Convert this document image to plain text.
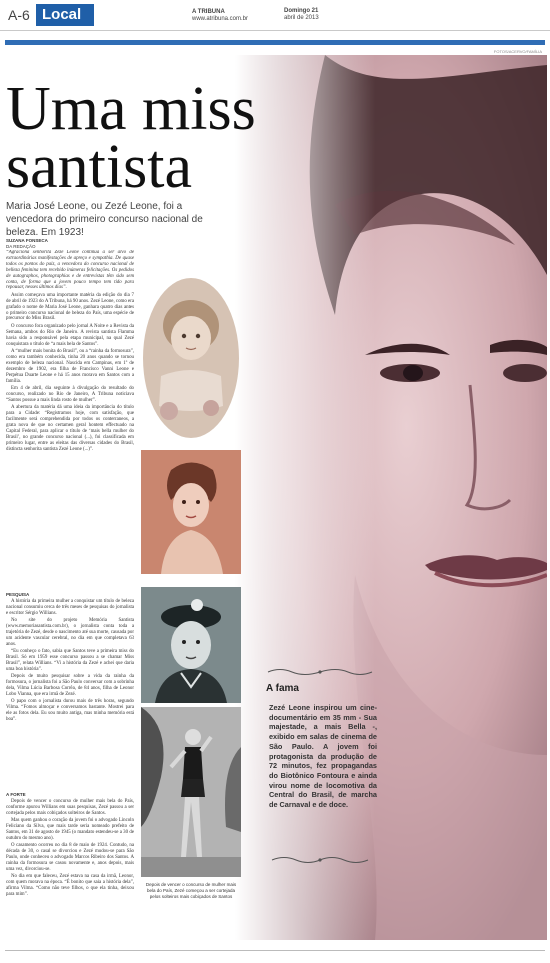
A-6 Local	A TRIBUNA
www.atribuna.com.br
Domingo 21
abril de 2013
FOTOS/ACERVO/FAMÍLIA
Uma miss
santista

Maria José Leone, ou Zezé Leone, foi a vencedora do primeiro concurso nacional de beleza. Em 1923!

SUZANA FONSECA
DA REDAÇÃO

“Agraciona senhorita Zezé Leone continua a ser alvo de extraordinárias manifestações de apreço e sympathia. De quase todos os pontos do paiz, a vencedora do concurso nacional de belleza feminina tem recebido inúmeras felicitações. Os pedidos de autographos, photographias e de entrevistas têm sido sem conta, de forma que a jovem pouco tempo tem tido para repousar, nesses últimos dias”.

Assim começava uma importante matéria da edição do dia 7 de abril de 1923 do A Tribuna, há 90 anos. Zezé Leone, como era grafado o nome de Maria José Leone, ganhara quatro dias antes o primeiro concurso nacional de beleza do País, uma espécie de precursor do Miss Brasil.

O concurso fora organizado pelo jornal A Noite e a Revista da Semana, ambos do Rio de Janeiro. A revista santista Flamma havia sido a responsável pela etapa municipal, na qual Zezé conquistara o título de “a mais bela de Santos”.

A “mulher mais bonita do Brasil”, ou a “rainha da formosura”, como era também conhecida, tinha 20 anos quando se tornou exemplo de beleza nacional. Nascida em Campinas, em 1º de dezembro de 1902, era filha de Francisco Vanni Leone e Perpétua Duarte Leone e há 15 anos morava em Santos com a família.

Em 4 de abril, dia seguinte à divulgação do resultado do concurso, realizado no Rio de Janeiro, A Tribuna noticiava “Santos possue a mais linda rosto de mulher”.

A abertura da matéria dá uma ideia da importância do título para a Cidade: “Registramos hoje, com satisfação, que facilmente será comprehendida por todos os conterraneos, a grata nova de que no certamen geral hontem effectuado na Capital Federal, para aplicar o título de ‘mais bella mulher do Brasil’, no grande concurso nacional (...), foi classificada em primeiro lugar, entre as eleitas das diversas cidades do Brasil, distincta senhorita santista Zezé Leone (...)”.

PESQUISA

A história da primeira mulher a conquistar um título de beleza nacional consumiu cerca de três meses de pesquisas do jornalista e escritor Sérgio Willians.

No site do projeto Memória Santista (www.memoriasantista.com.br), o jornalista conta toda a trajetória de Zezé, desde o nascimento até sua morte, causada por um acidente vascular cerebral, no dia em que completava 63 anos.

“Eu conheço o fato, sabia que Santos teve a primeira miss do Brasil. Só em 1959 esse concurso passou a se chamar Miss Brasil”, relata Willians. “Vi a história da Zezé e achei que daria uma boa história”.

Depois de muito pesquisar sobre a vida da rainha da formosura, o jornalista foi a São Paulo conversar com a sobrinha dela, Vilma Lúcia Barbosa Corrêa, de 84 anos, filha de Leonor Lobo Vianna, que era irmã de Zezé.

O papo com o jornalista durou mais de três horas, segundo Vilma. “Fomos almoçar e conversamos bastante. Mostrei para ele as fotos dela. Eu sou muito antiga, mas minha memória está boa”.

A FORTE

Depois de vencer o concurso de mulher mais bela do País, conforme apurou Willians em suas pesquisas, Zezé passou a ser cortejada pelos mais cobiçados solteiros de Santos.

Mas quem ganhou o coração da jovem foi o advogado Lincoln Feliciano da Silva, que mais tarde seria nomeado prefeito de Santos, em 31 de agosto de 1945 (o mandato estendeu-se a 30 de outubro do mesmo ano).

O casamento ocorreu no dia 8 de maio de 1924. Contudo, na década de 30, o casal se divorciou e Zezé mudou-se para São Paulo, onde conheceu o advogado Marcos Ribeiro dos Santos. A rainha da formosura se casou novamente e, anos depois, mais uma vez, divorciou-se.

No dia em que faleceu, Zezé estava na casa da irmã, Leonor, com quem morava na época. “É bonito que saia a história dela”, afirma Vilma. “Como não teve filhos, o que ela tinha, deixou para mim”.

Depois de vencer o concurso de mulher mais bela do País, Zezé começou a ser cortejada pelos solteiros mais cobiçados de Santos
A fama

Zezé Leone inspirou um cine-documentário em 35 mm - Sua majestade, a mais Bella -, exibido em salas de cinema de São Paulo. A jovem foi protagonista da produção de 72 minutos, fez propagandas do Biotônico Fontoura e ainda virou nome de locomotiva da Central do Brasil, de marcha de Carnaval e de doce.
